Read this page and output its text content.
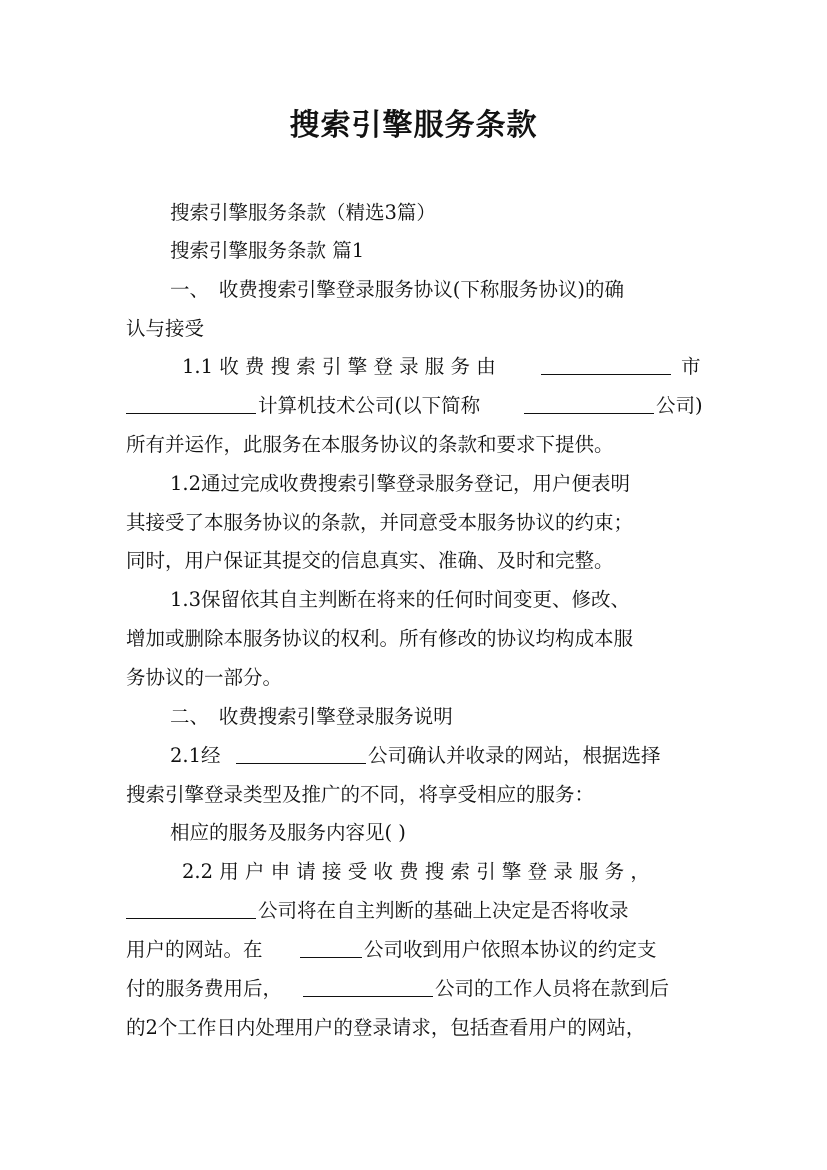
搜索引擎服务条款
搜索引擎服务条款（精选3篇）
搜索引擎服务条款 篇1
一、　收费搜索引擎登录服务协议(下称服务协议)的确
认与接受
1.1 收 费 搜 索 引 擎 登 录 服 务 由	市
计算机技术公司(以下简称	公司)
所有并运作，此服务在本服务协议的条款和要求下提供。
1.2通过完成收费搜索引擎登录服务登记，用户便表明
其接受了本服务协议的条款，并同意受本服务协议的约束；
同时，用户保证其提交的信息真实、准确、及时和完整。
1.3保留依其自主判断在将来的任何时间变更、修改、
增加或删除本服务协议的权利。所有修改的协议均构成本服
务协议的一部分。
二、　收费搜索引擎登录服务说明
2.1经	公司确认并收录的网站，根据选择
搜索引擎登录类型及推广的不同，将享受相应的服务：
相应的服务及服务内容见( )
2.2 用 户 申 请 接 受 收 费 搜 索 引 擎 登 录 服 务 ，
公司将在自主判断的基础上决定是否将收录
用户的网站。在	公司收到用户依照本协议的约定支
付的服务费用后，	公司的工作人员将在款到后
的2个工作日内处理用户的登录请求，包括查看用户的网站，
